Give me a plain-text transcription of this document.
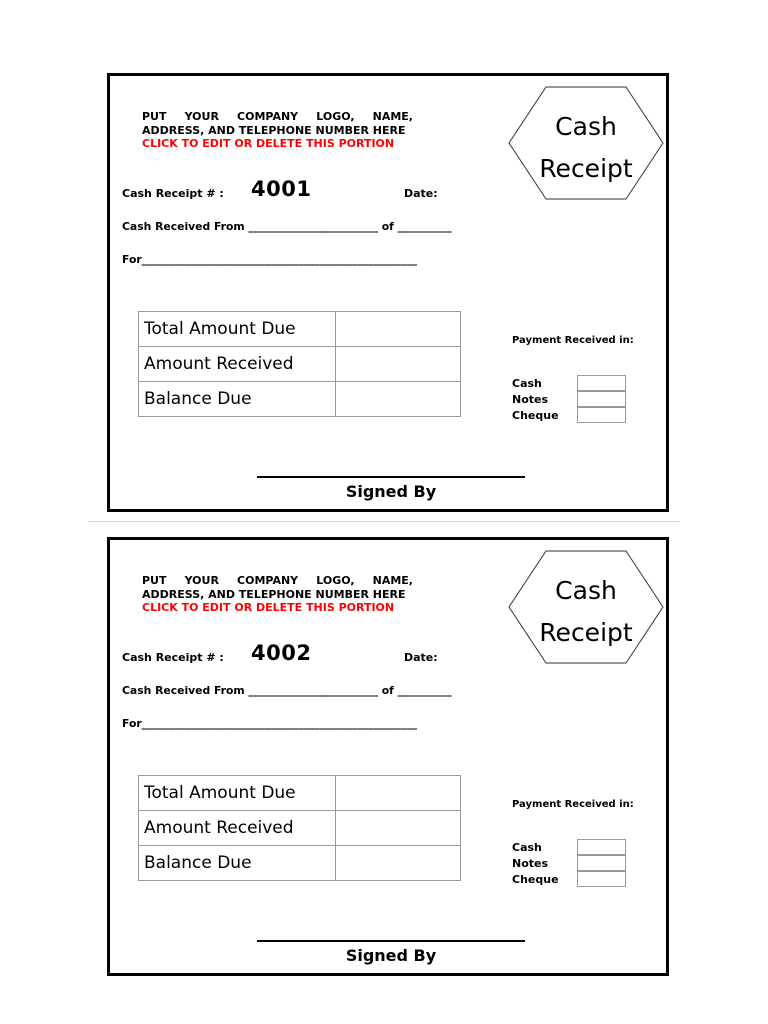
PUT YOUR COMPANY LOGO, NAME,
ADDRESS, AND TELEPHONE NUMBER HERE
CLICK TO EDIT OR DELETE THIS PORTION
Cash
Receipt
Cash Receipt # : 4001	Date:
Cash Received From ________________________ of __________
For___________________________________________________
Total Amount Due	
Amount Received	
Balance Due	
Payment Received in:
Cash
Notes
Cheque
Signed By
PUT YOUR COMPANY LOGO, NAME,
ADDRESS, AND TELEPHONE NUMBER HERE
CLICK TO EDIT OR DELETE THIS PORTION
Cash
Receipt
Cash Receipt # : 4002	Date:
Cash Received From ________________________ of __________
For___________________________________________________
Total Amount Due	
Amount Received	
Balance Due	
Payment Received in:
Cash
Notes
Cheque
Signed By
